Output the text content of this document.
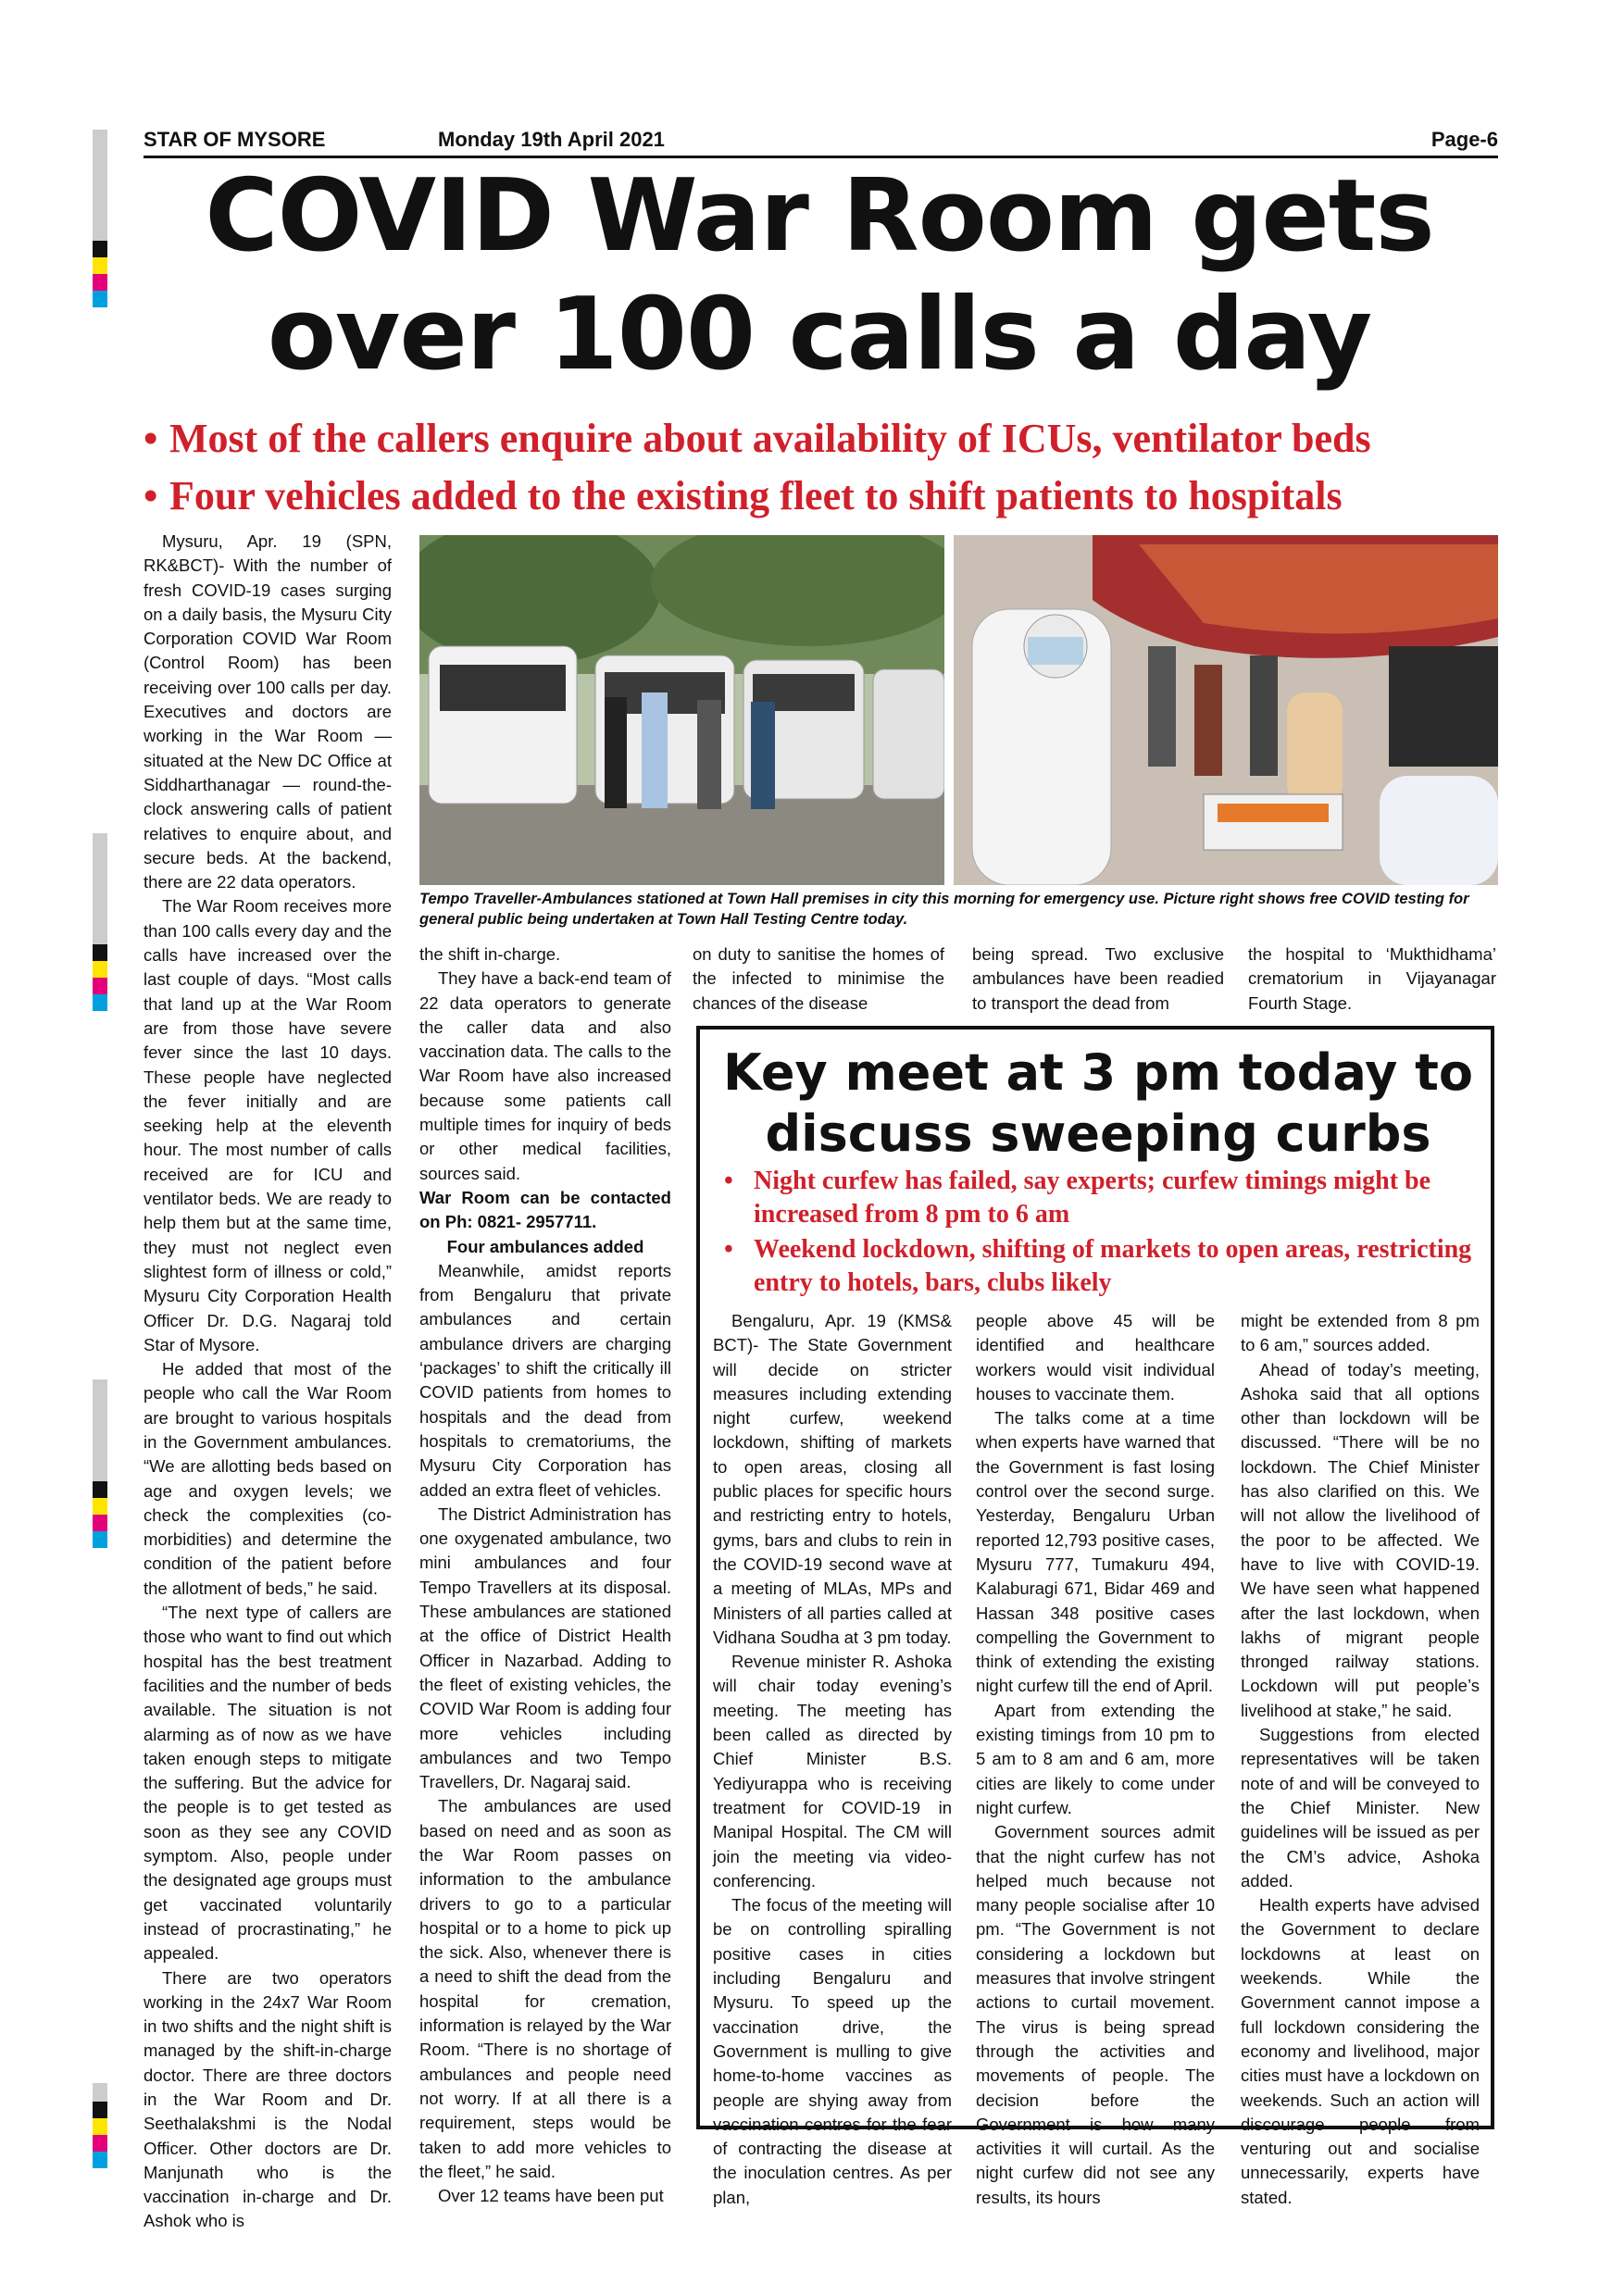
STAR OF MYSORE	Monday 19th April 2021	Page-6
COVID War Room gets
over 100 calls a day
• Most of the callers enquire about availability of ICUs, ventilator beds
• Four vehicles added to the existing fleet to shift patients to hospitals

Mysuru, Apr. 19 (SPN, RK&BCT)- With the number of fresh COVID-19 cases surging on a daily basis, the Mysuru City Corporation COVID War Room (Control Room) has been receiving over 100 calls per day. Executives and doctors are working in the War Room — situated at the New DC Office at Siddharthanagar — round-the-clock answering calls of patient relatives to enquire about, and secure beds. At the backend, there are 22 data operators.

The War Room receives more than 100 calls every day and the calls have increased over the last couple of days. “Most calls that land up at the War Room are from those have severe fever since the last 10 days. These people have neglected the fever initially and are seeking help at the eleventh hour. The most number of calls received are for ICU and ventilator beds. We are ready to help them but at the same time, they must not neglect even slightest form of illness or cold,” Mysuru City Corporation Health Officer Dr. D.G. Nagaraj told Star of Mysore.

He added that most of the people who call the War Room are brought to various hospitals in the Government ambulances. “We are allotting beds based on age and oxygen levels; we check the complexities (co-morbidities) and determine the condition of the patient before the allotment of beds,” he said.

“The next type of callers are those who want to find out which hospital has the best treatment facilities and the number of beds available. The situation is not alarming as of now as we have taken enough steps to mitigate the suffering. But the advice for the people is to get tested as soon as they see any COVID symptom. Also, people under the designated age groups must get vaccinated voluntarily instead of procrastinating,” he appealed.

There are two operators working in the 24x7 War Room in two shifts and the night shift is managed by the shift-in-charge doctor. There are three doctors in the War Room and Dr. Seethalakshmi is the Nodal Officer. Other doctors are Dr. Manjunath who is the vaccination in-charge and Dr. Ashok who is

Tempo Traveller-Ambulances stationed at Town Hall premises in city this morning for emergency use. Picture right shows free COVID testing for general public being undertaken at Town Hall Testing Centre today.

the shift in-charge.

They have a back-end team of 22 data operators to generate the caller data and also vaccination data. The calls to the War Room have also increased because some patients call multiple times for inquiry of beds or other medical facilities, sources said.

War Room can be contacted on Ph: 0821- 2957711.

Four ambulances added

Meanwhile, amidst reports from Bengaluru that private ambulances and certain ambulance drivers are charging ‘packages’ to shift the critically ill COVID patients from homes to hospitals and the dead from hospitals to crematoriums, the Mysuru City Corporation has added an extra fleet of vehicles.

The District Administration has one oxygenated ambulance, two mini ambulances and four Tempo Travellers at its disposal. These ambulances are stationed at the office of District Health Officer in Nazarbad. Adding to the fleet of existing vehicles, the COVID War Room is adding four more vehicles including ambulances and two Tempo Travellers, Dr. Nagaraj said.

The ambulances are used based on need and as soon as the War Room passes on information to the ambulance drivers to go to a particular hospital or to a home to pick up the sick. Also, whenever there is a need to shift the dead from the hospital for cremation, information is relayed by the War Room. “There is no shortage of ambulances and people need not worry. If at all there is a requirement, steps would be taken to add more vehicles to the fleet,” he said.

Over 12 teams have been put

on duty to sanitise the homes of the infected to minimise the chances of the disease

being spread. Two exclusive ambulances have been readied to transport the dead from

the hospital to ‘Mukthidhama’ crematorium in Vijayanagar Fourth Stage.

Key meet at 3 pm today to discuss sweeping curbs
• Night curfew has failed, say experts; curfew timings might be increased from 8 pm to 6 am
• Weekend lockdown, shifting of markets to open areas, restricting entry to hotels, bars, clubs likely

Bengaluru, Apr. 19 (KMS& BCT)- The State Government will decide on stricter measures including extending night curfew, weekend lockdown, shifting of markets to open areas, closing all public places for specific hours and restricting entry to hotels, gyms, bars and clubs to rein in the COVID-19 second wave at a meeting of MLAs, MPs and Ministers of all parties called at Vidhana Soudha at 3 pm today.

Revenue minister R. Ashoka will chair today evening’s meeting. The meeting has been called as directed by Chief Minister B.S. Yediyurappa who is receiving treatment for COVID-19 in Manipal Hospital. The CM will join the meeting via video-conferencing.

The focus of the meeting will be on controlling spiralling positive cases in cities including Bengaluru and Mysuru. To speed up the vaccination drive, the Government is mulling to give home-to-home vaccines as people are shying away from vaccination centres for the fear of contracting the disease at the inoculation centres. As per plan,

people above 45 will be identified and healthcare workers would visit individual houses to vaccinate them.

The talks come at a time when experts have warned that the Government is fast losing control over the second surge. Yesterday, Bengaluru Urban reported 12,793 positive cases, Mysuru 777, Tumakuru 494, Kalaburagi 671, Bidar 469 and Hassan 348 positive cases compelling the Government to think of extending the existing night curfew till the end of April.

Apart from extending the existing timings from 10 pm to 5 am to 8 am and 6 am, more cities are likely to come under night curfew.

Government sources admit that the night curfew has not helped much because not many people socialise after 10 pm. “The Government is not considering a lockdown but measures that involve stringent actions to curtail movement. The virus is being spread through the activities and movements of people. The decision before the Government is how many activities it will curtail. As the night curfew did not see any results, its hours

might be extended from 8 pm to 6 am,” sources added.

Ahead of today’s meeting, Ashoka said that all options other than lockdown will be discussed. “There will be no lockdown. The Chief Minister has also clarified on this. We will not allow the livelihood of the poor to be affected. We have to live with COVID-19. We have seen what happened after the last lockdown, when lakhs of migrant people thronged railway stations. Lockdown will put people’s livelihood at stake,” he said.

Suggestions from elected representatives will be taken note of and will be conveyed to the Chief Minister. New guidelines will be issued as per the CM’s advice, Ashoka added.

Health experts have advised the Government to declare lockdowns at least on weekends. While the Government cannot impose a full lockdown considering the economy and livelihood, major cities must have a lockdown on weekends. Such an action will discourage people from venturing out and socialise unnecessarily, experts have stated.
